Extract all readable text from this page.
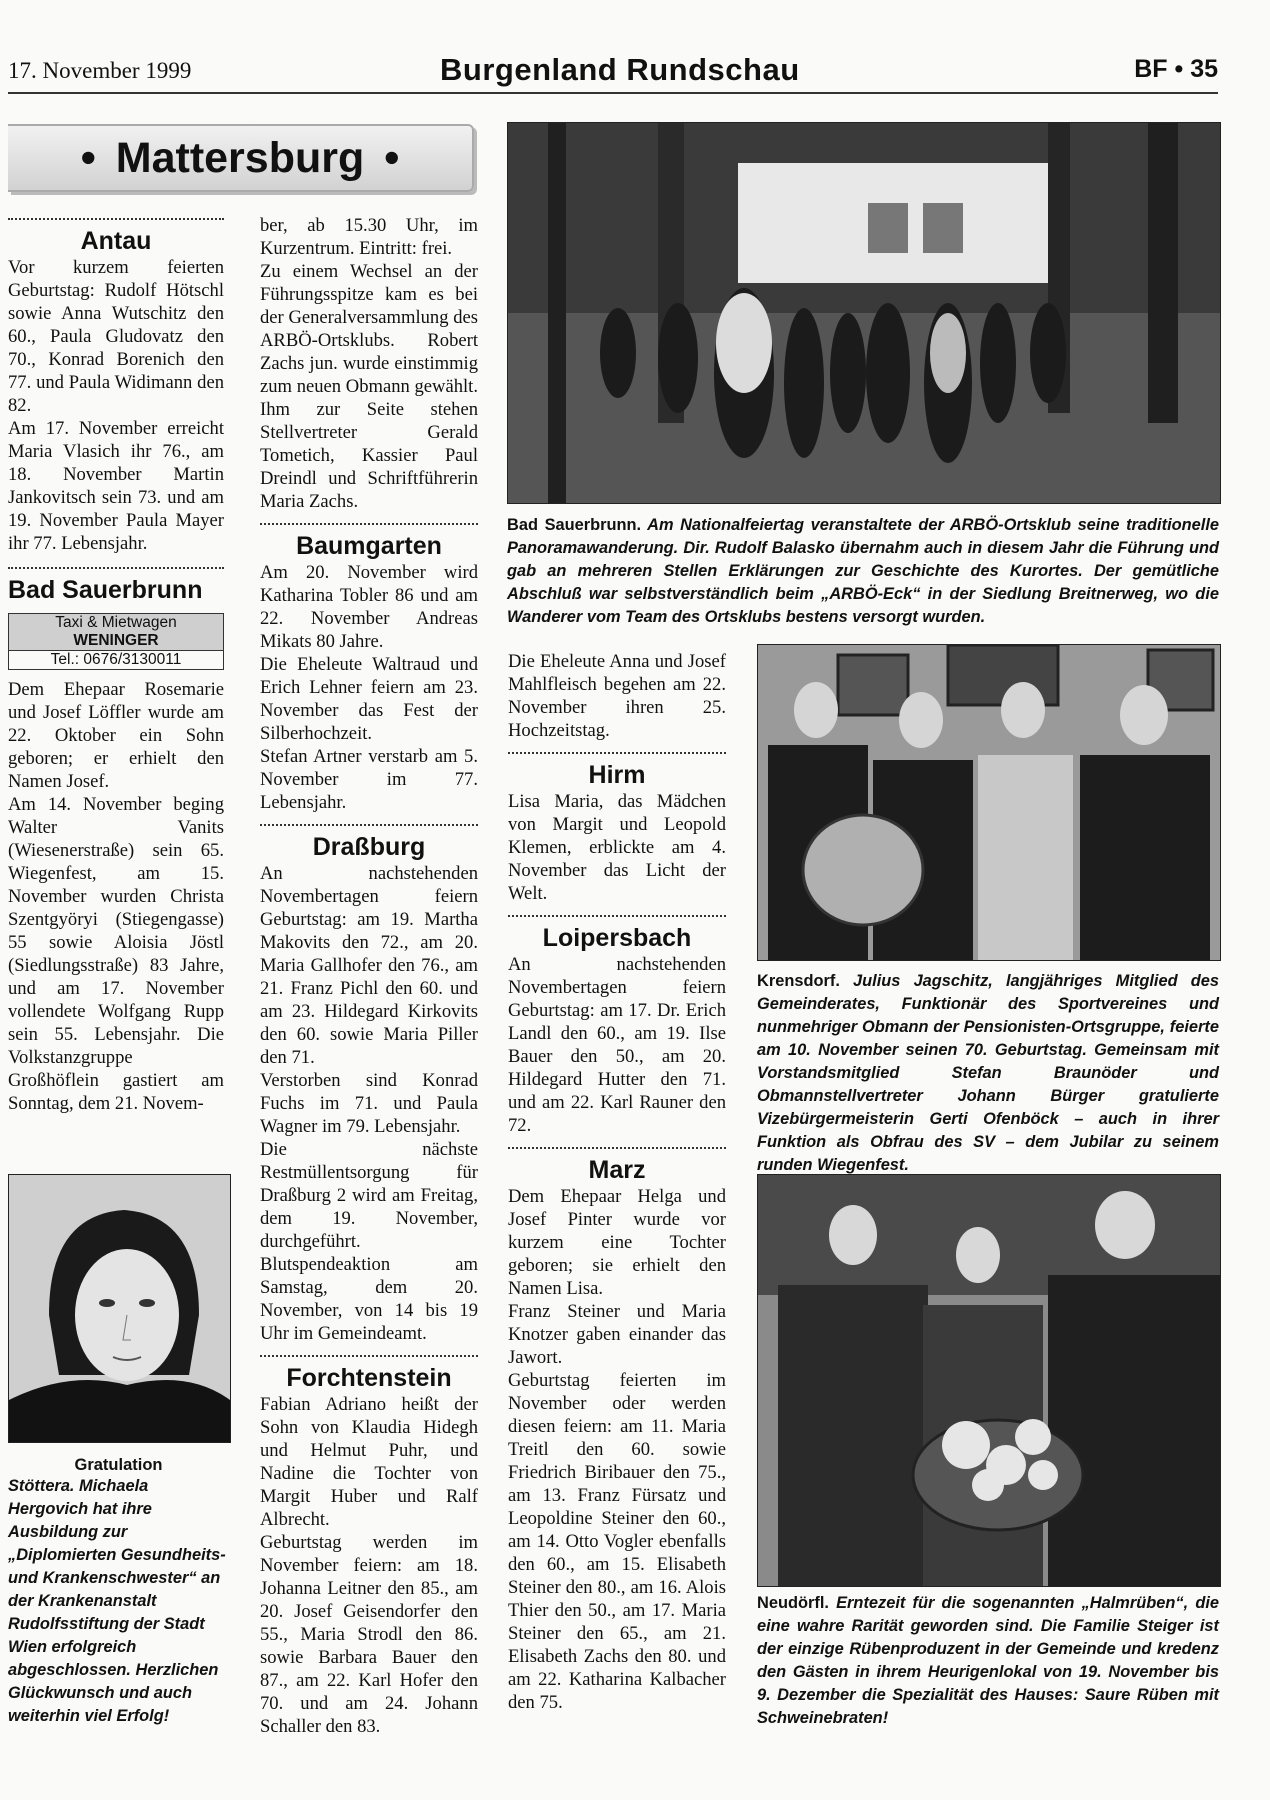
17. November 1999	Burgenland Rundschau	BF • 35
• Mattersburg •
Antau

Vor kurzem feierten Geburtstag: Rudolf Hötschl sowie Anna Wutschitz den 60., Paula Gludovatz den 70., Konrad Borenich den 77. und Paula Widimann den 82.

Am 17. November erreicht Maria Vlasich ihr 76., am 18. November Martin Jankovitsch sein 73. und am 19. November Paula Mayer ihr 77. Lebensjahr.

Bad Sauerbrunn
Taxi & Mietwagen
WENINGER
Tel.: 0676/3130011

Dem Ehepaar Rosemarie und Josef Löffler wurde am 22. Oktober ein Sohn geboren; er erhielt den Namen Josef.

Am 14. November beging Walter Vanits (Wiesenerstraße) sein 65. Wiegenfest, am 15. November wurden Christa Szentgyöryi (Stiegengasse) 55 sowie Aloisia Jöstl (Siedlungsstraße) 83 Jahre, und am 17. November vollendete Wolfgang Rupp sein 55. Lebensjahr. Die Volkstanzgruppe Großhöflein gastiert am Sonntag, dem 21. Novem-

Gratulation
Stöttera. Michaela Hergovich hat ihre Ausbildung zur „Diplomierten Gesundheits- und Krankenschwester“ an der Krankenanstalt Rudolfsstiftung der Stadt Wien erfolgreich abgeschlossen. Herzlichen Glückwunsch und auch weiterhin viel Erfolg!

ber, ab 15.30 Uhr, im Kurzentrum. Eintritt: frei.

Zu einem Wechsel an der Führungsspitze kam es bei der Generalversammlung des ARBÖ-Ortsklubs. Robert Zachs jun. wurde einstimmig zum neuen Obmann gewählt. Ihm zur Seite stehen Stellvertreter Gerald Tometich, Kassier Paul Dreindl und Schriftführerin Maria Zachs.

Baumgarten

Am 20. November wird Katharina Tobler 86 und am 22. November Andreas Mikats 80 Jahre.

Die Eheleute Waltraud und Erich Lehner feiern am 23. November das Fest der Silberhochzeit.

Stefan Artner verstarb am 5. November im 77. Lebensjahr.

Draßburg

An nachstehenden Novembertagen feiern Geburtstag: am 19. Martha Makovits den 72., am 20. Maria Gallhofer den 76., am 21. Franz Pichl den 60. und am 23. Hildegard Kirkovits den 60. sowie Maria Piller den 71.

Verstorben sind Konrad Fuchs im 71. und Paula Wagner im 79. Lebensjahr.

Die nächste Restmüllentsorgung für Draßburg 2 wird am Freitag, dem 19. November, durchgeführt.

Blutspendeaktion am Samstag, dem 20. November, von 14 bis 19 Uhr im Gemeindeamt.

Forchtenstein

Fabian Adriano heißt der Sohn von Klaudia Hidegh und Helmut Puhr, und Nadine die Tochter von Margit Huber und Ralf Albrecht.

Geburtstag werden im November feiern: am 18. Johanna Leitner den 85., am 20. Josef Geisendorfer den 55., Maria Strodl den 86. sowie Barbara Bauer den 87., am 22. Karl Hofer den 70. und am 24. Johann Schaller den 83.

Bad Sauerbrunn. Am Nationalfeiertag veranstaltete der ARBÖ-Ortsklub seine traditionelle Panoramawanderung. Dir. Rudolf Balasko übernahm auch in diesem Jahr die Führung und gab an mehreren Stellen Erklärungen zur Geschichte des Kurortes. Der gemütliche Abschluß war selbstverständlich beim „ARBÖ-Eck“ in der Siedlung Breitnerweg, wo die Wanderer vom Team des Ortsklubs bestens versorgt wurden.

Die Eheleute Anna und Josef Mahlfleisch begehen am 22. November ihren 25. Hochzeitstag.

Hirm

Lisa Maria, das Mädchen von Margit und Leopold Klemen, erblickte am 4. November das Licht der Welt.

Loipersbach

An nachstehenden Novembertagen feiern Geburtstag: am 17. Dr. Erich Landl den 60., am 19. Ilse Bauer den 50., am 20. Hildegard Hutter den 71. und am 22. Karl Rauner den 72.

Marz

Dem Ehepaar Helga und Josef Pinter wurde vor kurzem eine Tochter geboren; sie erhielt den Namen Lisa.

Franz Steiner und Maria Knotzer gaben einander das Jawort.

Geburtstag feierten im November oder werden diesen feiern: am 11. Maria Treitl den 60. sowie Friedrich Biribauer den 75., am 13. Franz Fürsatz und Leopoldine Steiner den 60., am 14. Otto Vogler ebenfalls den 60., am 15. Elisabeth Steiner den 80., am 16. Alois Thier den 50., am 17. Maria Steiner den 65., am 21. Elisabeth Zachs den 80. und am 22. Katharina Kalbacher den 75.

Krensdorf. Julius Jagschitz, langjähriges Mitglied des Gemeinderates, Funktionär des Sportvereines und nunmehriger Obmann der Pensionisten-Ortsgruppe, feierte am 10. November seinen 70. Geburtstag. Gemeinsam mit Vorstandsmitglied Stefan Braunöder und Obmannstellvertreter Johann Bürger gratulierte Vizebürgermeisterin Gerti Ofenböck – auch in ihrer Funktion als Obfrau des SV – dem Jubilar zu seinem runden Wiegenfest.
Neudörfl. Erntezeit für die sogenannten „Halmrüben“, die eine wahre Rarität geworden sind. Die Familie Steiger ist der einzige Rübenproduzent in der Gemeinde und kredenz den Gästen in ihrem Heurigenlokal von 19. November bis 9. Dezember die Spezialität des Hauses: Saure Rüben mit Schweinebraten!
